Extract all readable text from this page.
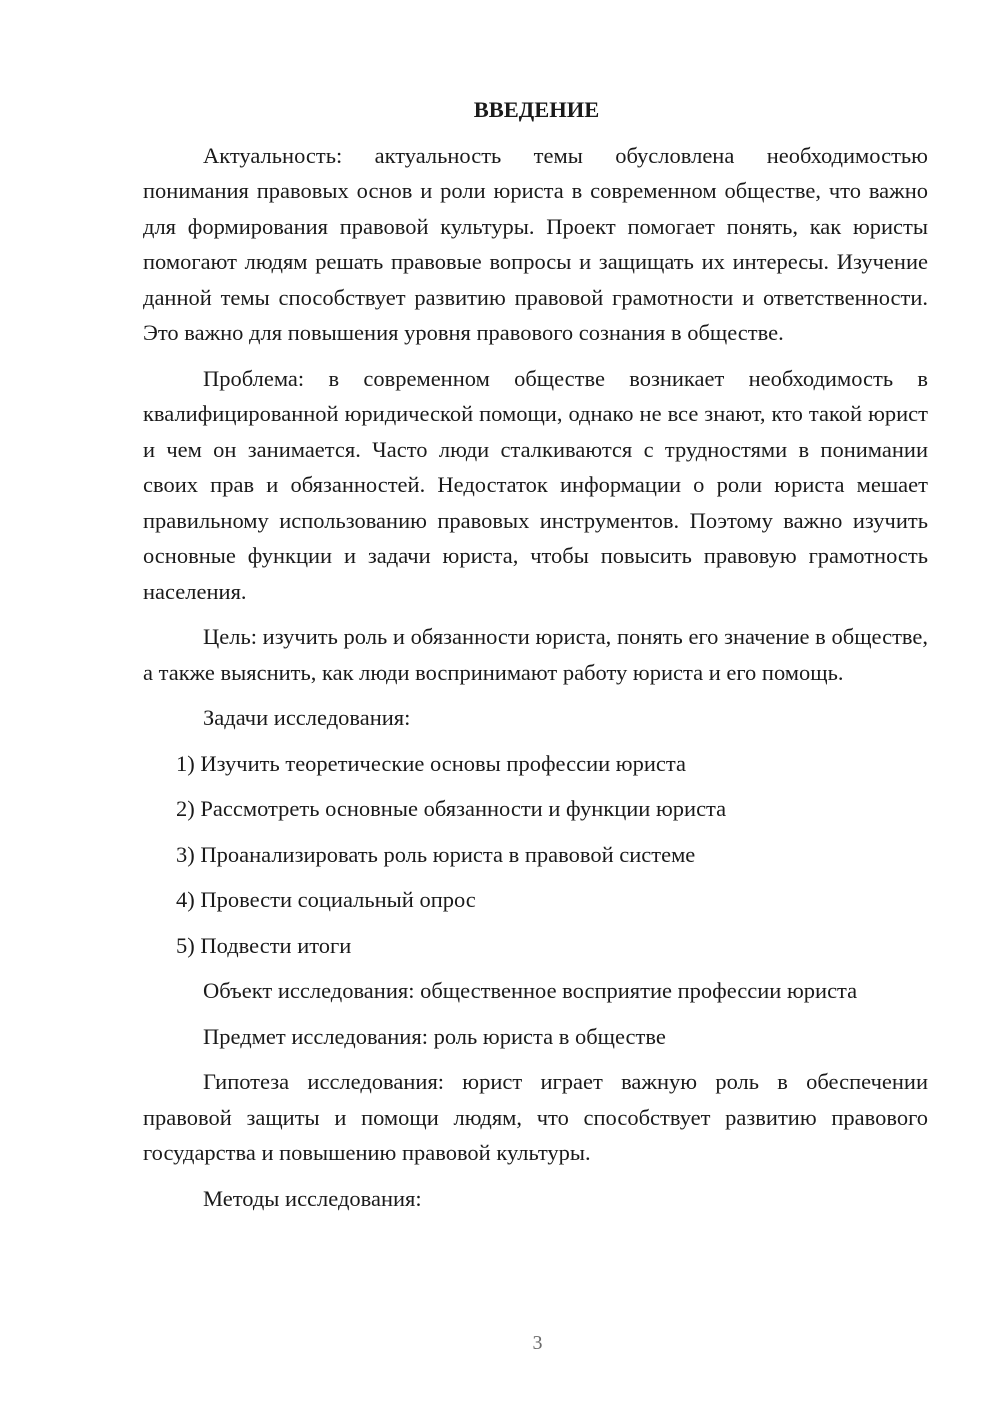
ВВЕДЕНИЕ

Актуальность: актуальность темы обусловлена необходимостью понимания правовых основ и роли юриста в современном обществе, что важно для формирования правовой культуры. Проект помогает понять, как юристы помогают людям решать правовые вопросы и защищать их интересы. Изучение данной темы способствует развитию правовой грамотности и ответственности. Это важно для повышения уровня правового сознания в обществе.

Проблема: в современном обществе возникает необходимость в квалифицированной юридической помощи, однако не все знают, кто такой юрист и чем он занимается. Часто люди сталкиваются с трудностями в понимании своих прав и обязанностей. Недостаток информации о роли юриста мешает правильному использованию правовых инструментов. Поэтому важно изучить основные функции и задачи юриста, чтобы повысить правовую грамотность населения.

Цель: изучить роль и обязанности юриста, понять его значение в обществе, а также выяснить, как люди воспринимают работу юриста и его помощь.

Задачи исследования:

1) Изучить теоретические основы профессии юриста

2) Рассмотреть основные обязанности и функции юриста

3) Проанализировать роль юриста в правовой системе

4) Провести социальный опрос

5) Подвести итоги

Объект исследования: общественное восприятие профессии юриста

Предмет исследования: роль юриста в обществе

Гипотеза исследования: юрист играет важную роль в обеспечении правовой защиты и помощи людям, что способствует развитию правового государства и повышению правовой культуры.

Методы исследования:

3
